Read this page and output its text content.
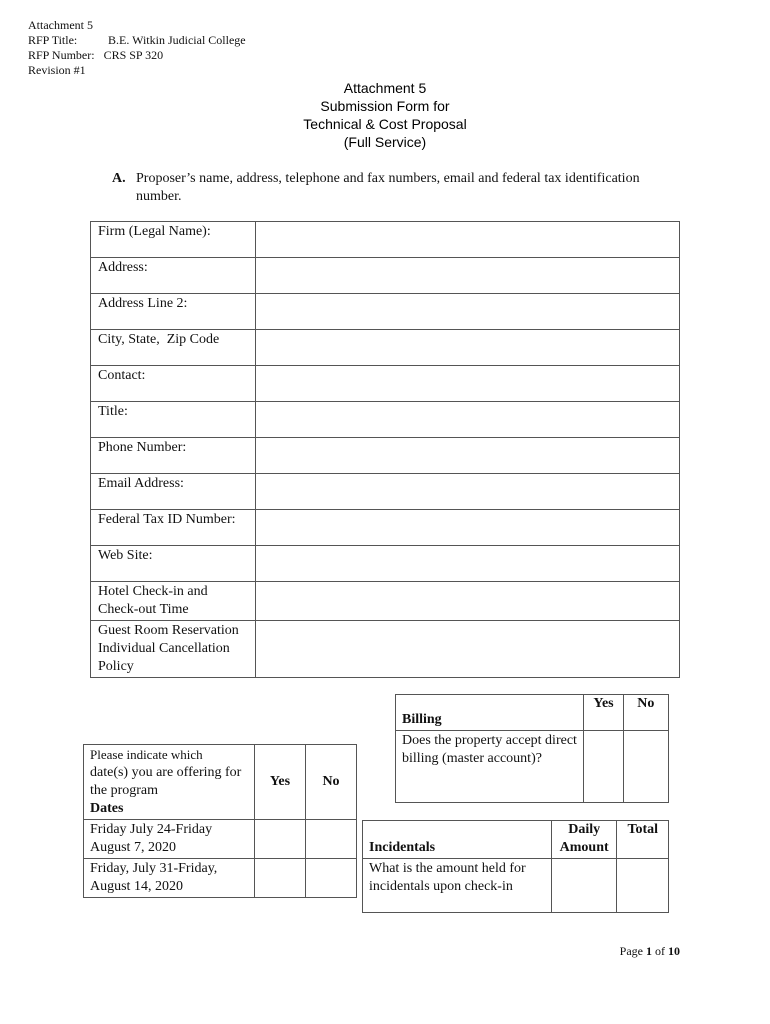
Attachment 5
RFP Title:	B.E. Witkin Judicial College
RFP Number:   CRS SP 320
Revision #1
Attachment 5
Submission Form for
Technical & Cost Proposal
(Full Service)
A. Proposer’s name, address, telephone and fax numbers, email and federal tax identification number.
Firm (Legal Name):	
Address:	
Address Line 2:	
City, State,  Zip Code	
Contact:	
Title:	
Phone Number:	
Email Address:	
Federal Tax ID Number:	
Web Site:	
Hotel Check-in and Check-out Time	
Guest Room Reservation Individual Cancellation Policy	
Billing	Yes	No
Does the property accept direct billing (master account)?		
Please indicate which
date(s) you are offering for the program
Dates	Yes	No
Friday July 24-Friday August 7, 2020		
Friday, July 31-Friday, August 14, 2020		
Incidentals	Daily Amount	Total
What is the amount held for incidentals upon check-in		
Page 1 of 10
